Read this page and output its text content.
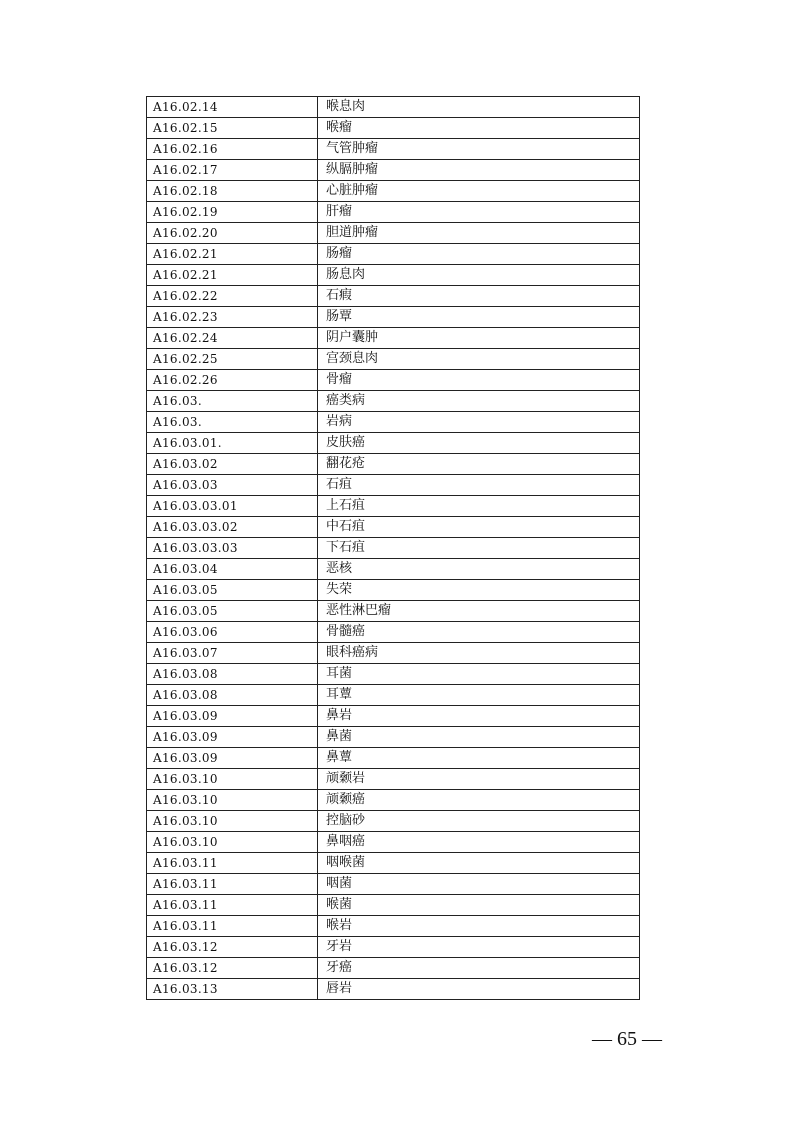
A16.02.14	喉息肉
A16.02.15	喉瘤
A16.02.16	气管肿瘤
A16.02.17	纵膈肿瘤
A16.02.18	心脏肿瘤
A16.02.19	肝瘤
A16.02.20	胆道肿瘤
A16.02.21	肠瘤
A16.02.21	肠息肉
A16.02.22	石瘕
A16.02.23	肠覃
A16.02.24	阴户囊肿
A16.02.25	宫颈息肉
A16.02.26	骨瘤
A16.03.	癌类病
A16.03.	岩病
A16.03.01.	皮肤癌
A16.03.02	翻花疮
A16.03.03	石疽
A16.03.03.01	上石疽
A16.03.03.02	中石疽
A16.03.03.03	下石疽
A16.03.04	恶核
A16.03.05	失荣
A16.03.05	恶性淋巴瘤
A16.03.06	骨髓癌
A16.03.07	眼科癌病
A16.03.08	耳菌
A16.03.08	耳蕈
A16.03.09	鼻岩
A16.03.09	鼻菌
A16.03.09	鼻蕈
A16.03.10	颃颡岩
A16.03.10	颃颡癌
A16.03.10	控脑砂
A16.03.10	鼻咽癌
A16.03.11	咽喉菌
A16.03.11	咽菌
A16.03.11	喉菌
A16.03.11	喉岩
A16.03.12	牙岩
A16.03.12	牙癌
A16.03.13	唇岩
— 65 —
